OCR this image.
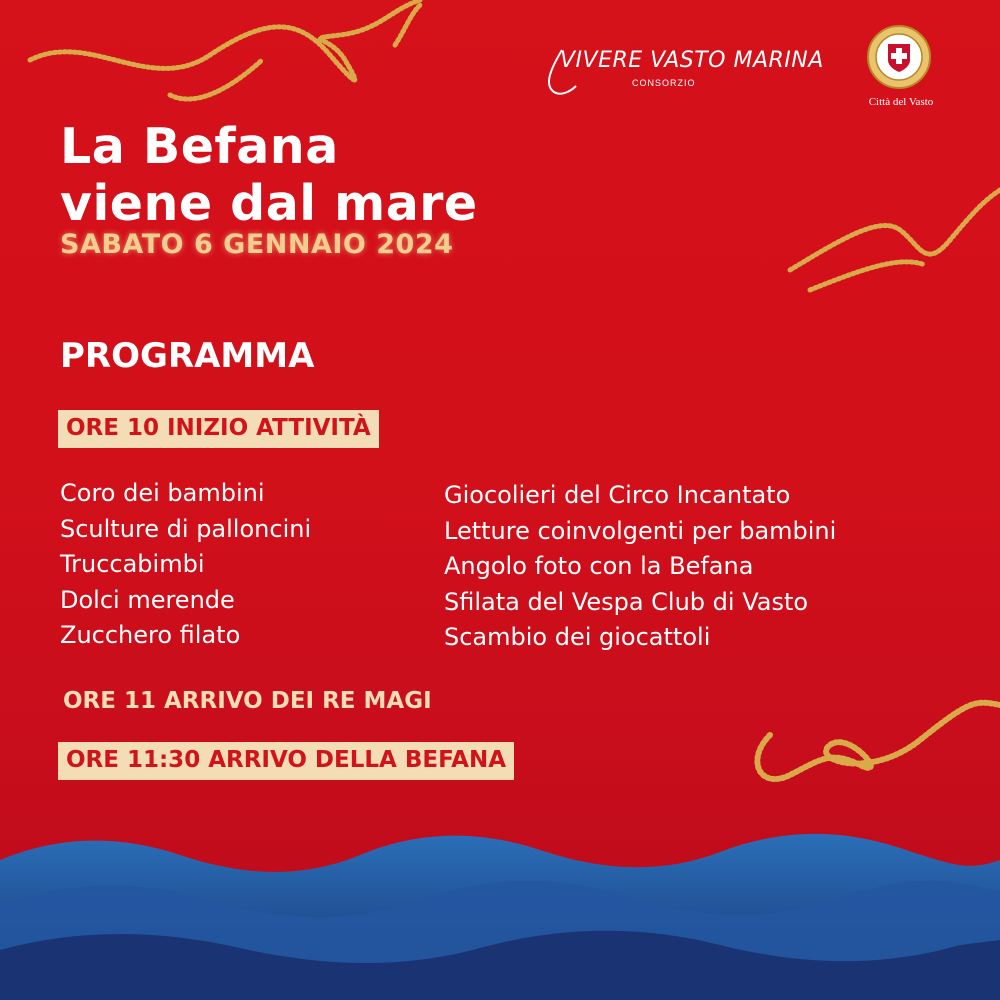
VIVERE VASTO MARINA
CONSORZIO
Città del Vasto
La Befana
viene dal mare
SABATO 6 GENNAIO 2024
PROGRAMMA
ORE 10 INIZIO ATTIVITÀ
Coro dei bambini
Sculture di palloncini
Truccabimbi
Dolci merende
Zucchero filato
Giocolieri del Circo Incantato
Letture coinvolgenti per bambini
Angolo foto con la Befana
Sfilata del Vespa Club di Vasto
Scambio dei giocattoli
ORE 11 ARRIVO DEI RE MAGI
ORE 11:30 ARRIVO DELLA BEFANA
